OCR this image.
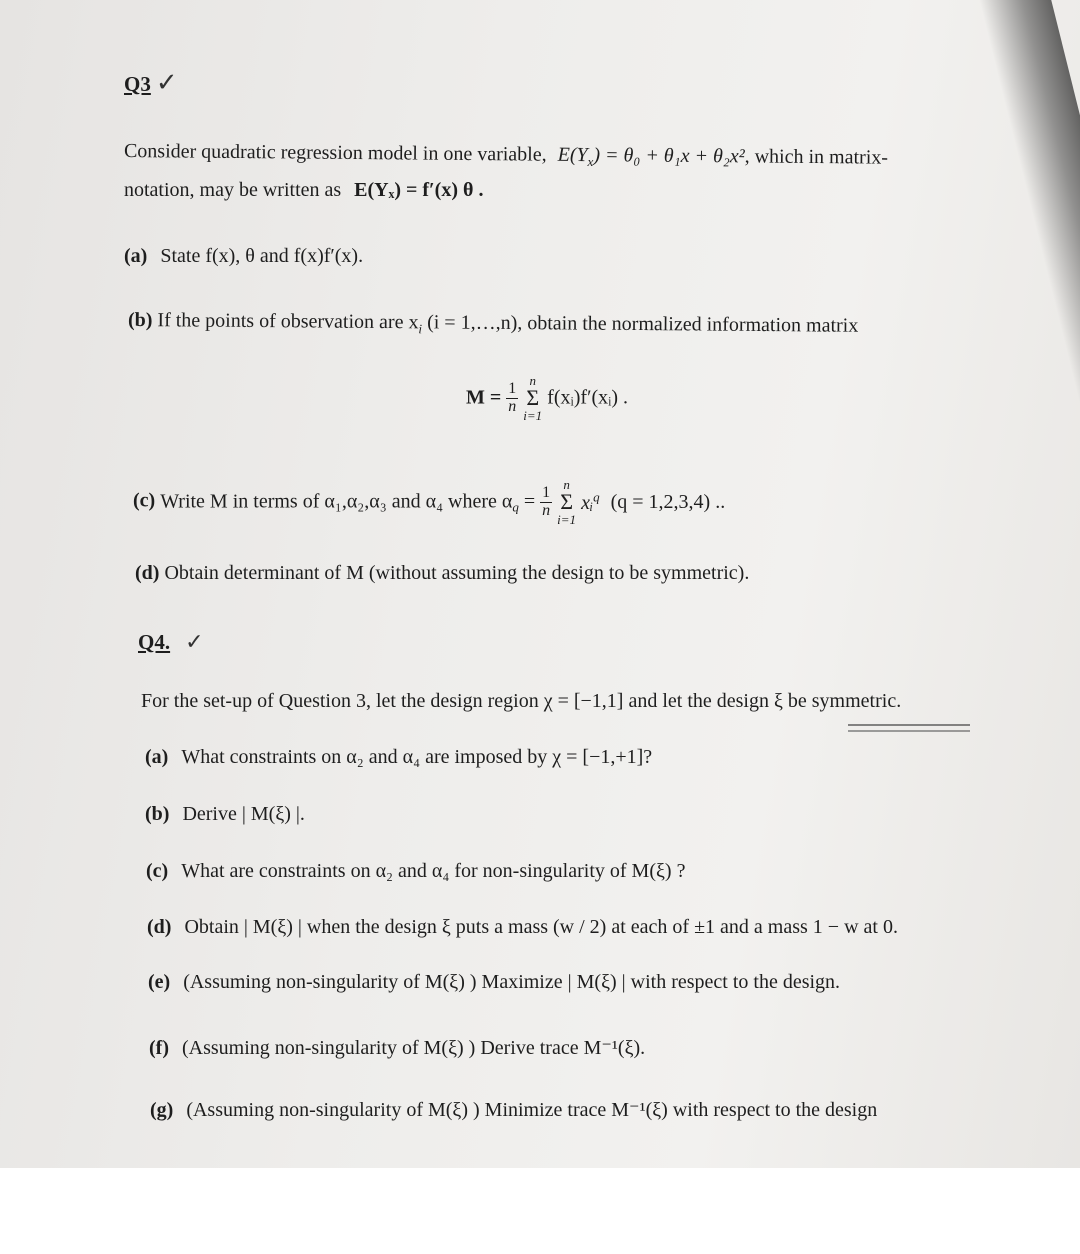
Q3 ✓
Consider quadratic regression model in one variable, $E(Y_x) = \theta_0 + \theta_1x + \theta_2x^2$, which in matrix-
notation, may be written as E(Yₓ) = f′(x) θ .
(a) State f(x), θ and f(x)f′(x).
(b) If the points of observation are $x_i$ (i = 1,…,n), obtain the normalized information matrix
$M = \frac{1}{n}$

n
Σ
i=1
f(xᵢ)f′(xᵢ) .
(c) Write M in terms of α₁,α₂,α₃ and α₄ where $\alpha_q = \frac{1}{n}$

n
Σ
i=1
xᵢ$^q$ (q = 1,2,3,4) ..
(d) Obtain determinant of M (without assuming the design to be symmetric).
Q4. ✓
For the set-up of Question 3, let the design region χ = [−1,1] and let the design ξ be symmetric.
(a) What constraints on α₂ and α₄ are imposed by χ = [−1,+1]?
(b) Derive | M(ξ) |.
(c) What are constraints on α₂ and α₄ for non-singularity of M(ξ) ?
(d) Obtain | M(ξ) | when the design ξ puts a mass (w / 2) at each of ±1 and a mass 1 − w at 0.
(e) (Assuming non-singularity of M(ξ) ) Maximize | M(ξ) | with respect to the design.
(f) (Assuming non-singularity of M(ξ) ) Derive trace M⁻¹(ξ).
(g) (Assuming non-singularity of M(ξ) ) Minimize trace M⁻¹(ξ) with respect to the design
